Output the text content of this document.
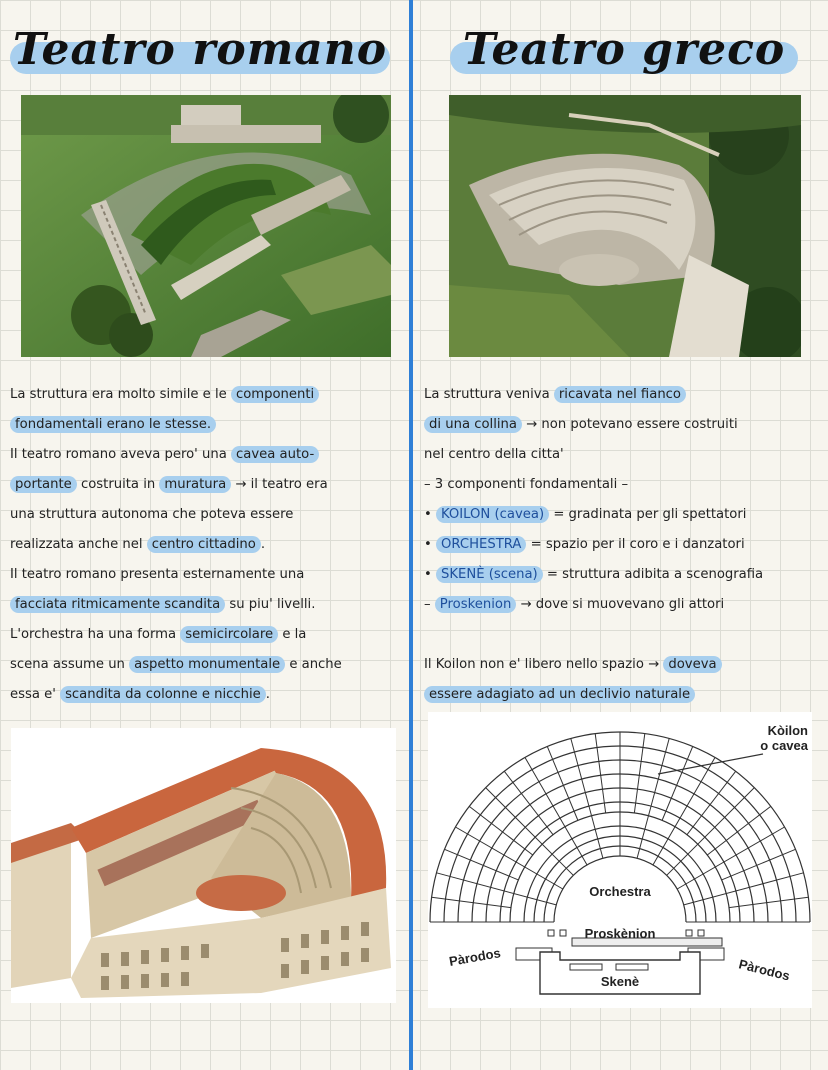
Teatro romano Teatro greco
La struttura era molto simile e le componenti
fondamentali erano le stesse.
Il teatro romano aveva pero' una cavea auto-
portante costruita in muratura → il teatro era
una struttura autonoma che poteva essere
realizzata anche nel centro cittadino .
Il teatro romano presenta esternamente una
facciata ritmicamente scandita su piu' livelli.
L'orchestra ha una forma semicircolare e la
scena assume un aspetto monumentale e anche
essa e' scandita da colonne e nicchie .
La struttura veniva ricavata nel fianco
di una collina → non potevano essere costruiti
nel centro della citta'
– 3 componenti fondamentali –
• KOILON (cavea) = gradinata per gli spettatori
• ORCHESTRA = spazio per il coro e i danzatori
• SKENÈ (scena) = struttura adibita a scenografia
– Proskenion → dove si muovevano gli attori
Il Koilon non e' libero nello spazio → doveva
essere adagiato ad un declivio naturale
Kòilon
o cavea
Orchestra
Proskènion
Pàrodos	Pàrodos
Skenè
